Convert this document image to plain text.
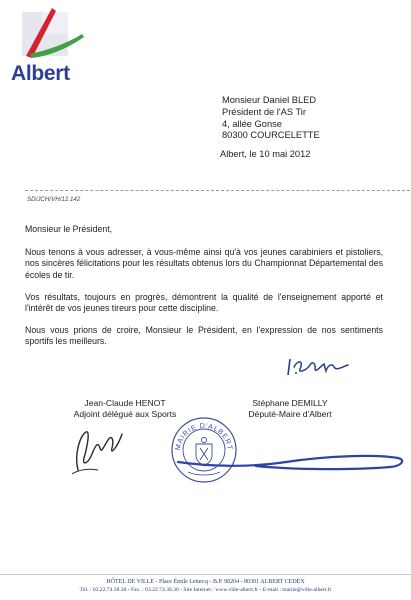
Albert
Monsieur Daniel BLED
Président de l'AS Tir
4, allée Gonse
80300 COURCELETTE
Albert, le 10 mai 2012
SD/JCH/VH/12.142

Monsieur le Président,

Nous tenons à vous adresser, à vous-même ainsi qu'à vos jeunes carabiniers et pistoliers, nos sincères félicitations pour les résultats obtenus lors du Championnat Départemental des écoles de tir.

Vos résultats, toujours en progrès, démontrent la qualité de l'enseignement apporté et l'intérêt de vos jeunes tireurs pour cette discipline.

Nous vous prions de croire, Monsieur le Président, en l'expression de nos sentiments sportifs les meilleurs.

Jean-Claude HENOT
Adjoint délégué aux Sports
Stéphane DEMILLY
Député-Maire d'Albert
MAIRIE D'ALBERT
HÔTEL DE VILLE - Place Émile Leturcq - B.P. 90204 - 80301 ALBERT CEDEX
Tél. : 03.22.74.38.38 - Fax. : 03.22.74.38.30 - Site Internet : www.ville-albert.fr - E-mail : mairie@ville-albert.fr
